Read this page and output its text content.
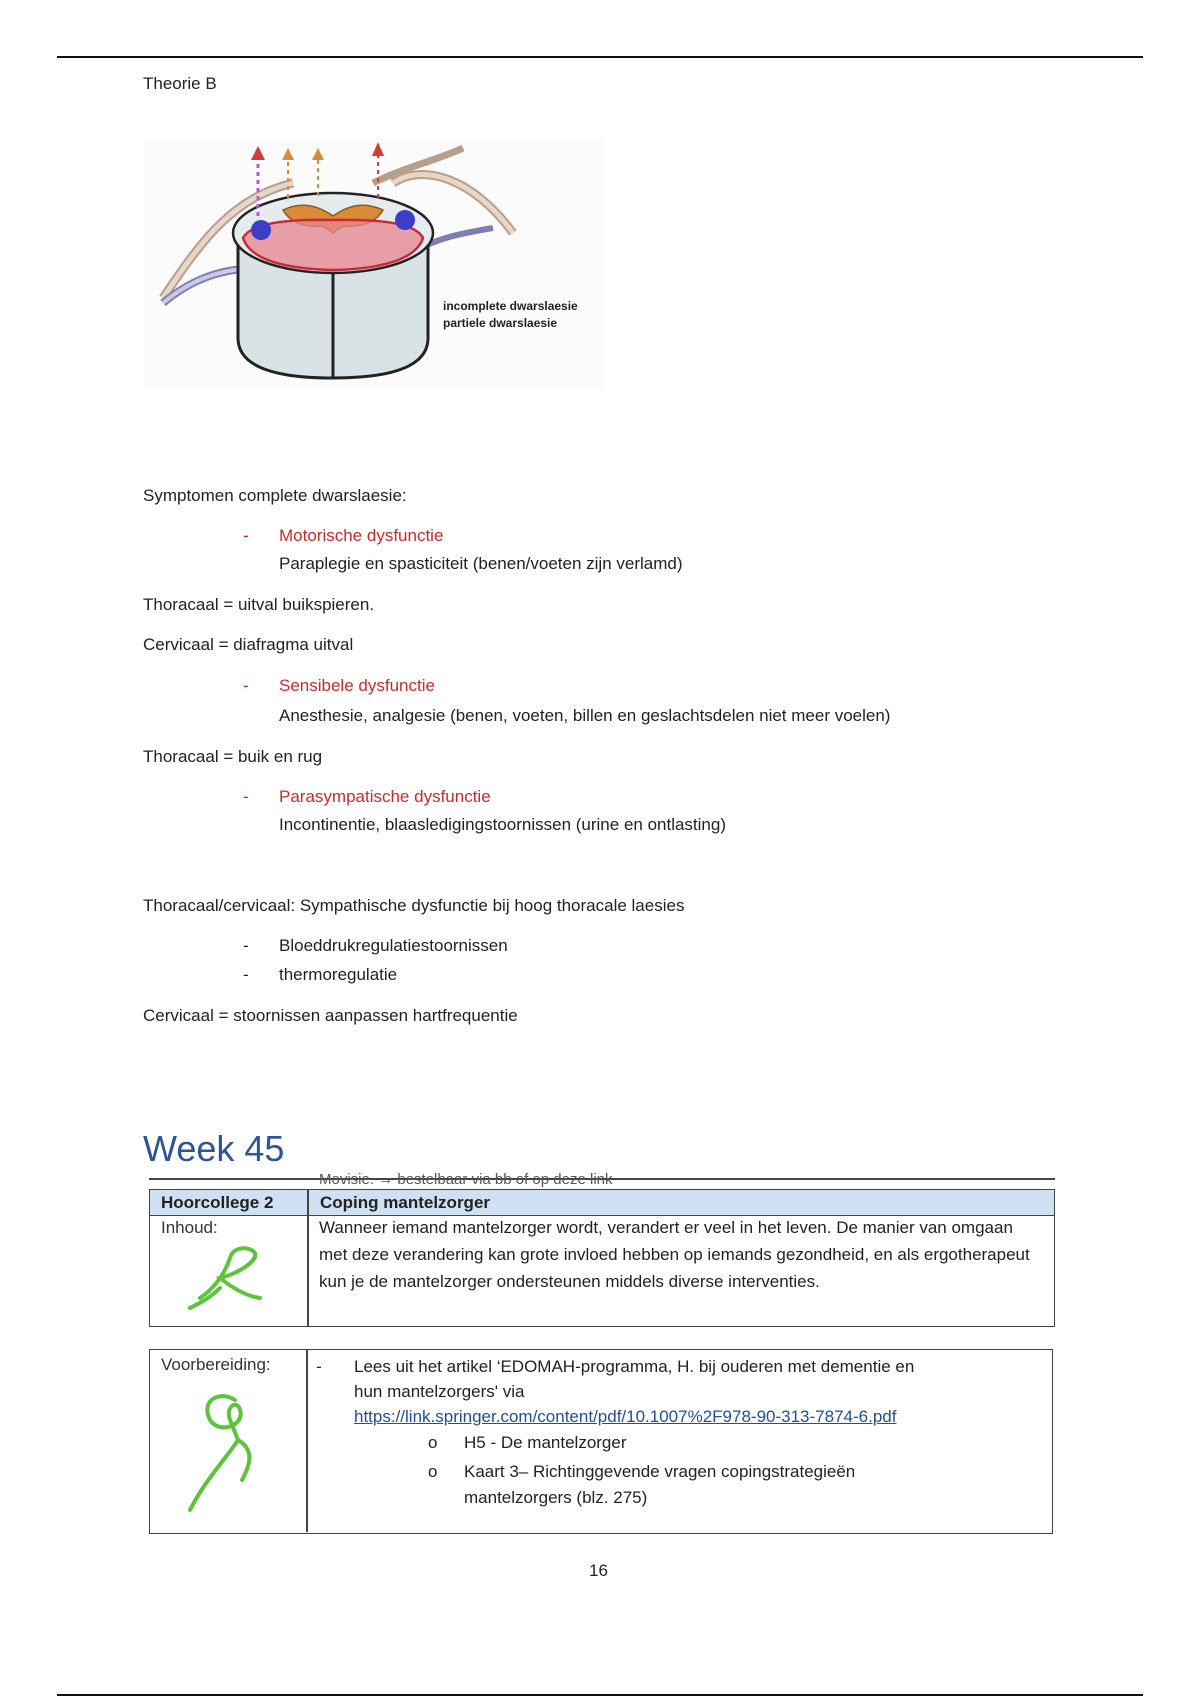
Theorie B
incomplete dwarslaesie
partiele dwarslaesie
Symptomen complete dwarslaesie:
- Motorische dysfunctie
Paraplegie en spasticiteit (benen/voeten zijn verlamd)
Thoracaal = uitval buikspieren.
Cervicaal = diafragma uitval
- Sensibele dysfunctie
Anesthesie, analgesie (benen, voeten, billen en geslachtsdelen niet meer voelen)
Thoracaal = buik en rug
- Parasympatische dysfunctie
Incontinentie, blaasledigingstoornissen (urine en ontlasting)
Thoracaal/cervicaal: Sympathische dysfunctie bij hoog thoracale laesies
- Bloeddrukregulatiestoornissen
- thermoregulatie
Cervicaal = stoornissen aanpassen hartfrequentie
Week 45
Movisie. → bestelbaar via bb of op deze link
Hoorcollege 2	Coping mantelzorger
Inhoud:	Wanneer iemand mantelzorger wordt, verandert er veel in het leven. De manier van omgaan met deze verandering kan grote invloed hebben op iemands gezondheid, en als ergotherapeut kun je de mantelzorger ondersteunen middels diverse interventies.
Voorbereiding:	- Lees uit het artikel ‘EDOMAH-programma, H. bij ouderen met dementie en
hun mantelzorgers' via
https://link.springer.com/content/pdf/10.1007%2F978-90-313-7874-6.pdf
o H5 - De mantelzorger
o Kaart 3– Richtinggevende vragen copingstrategieën
mantelzorgers (blz. 275)
16
